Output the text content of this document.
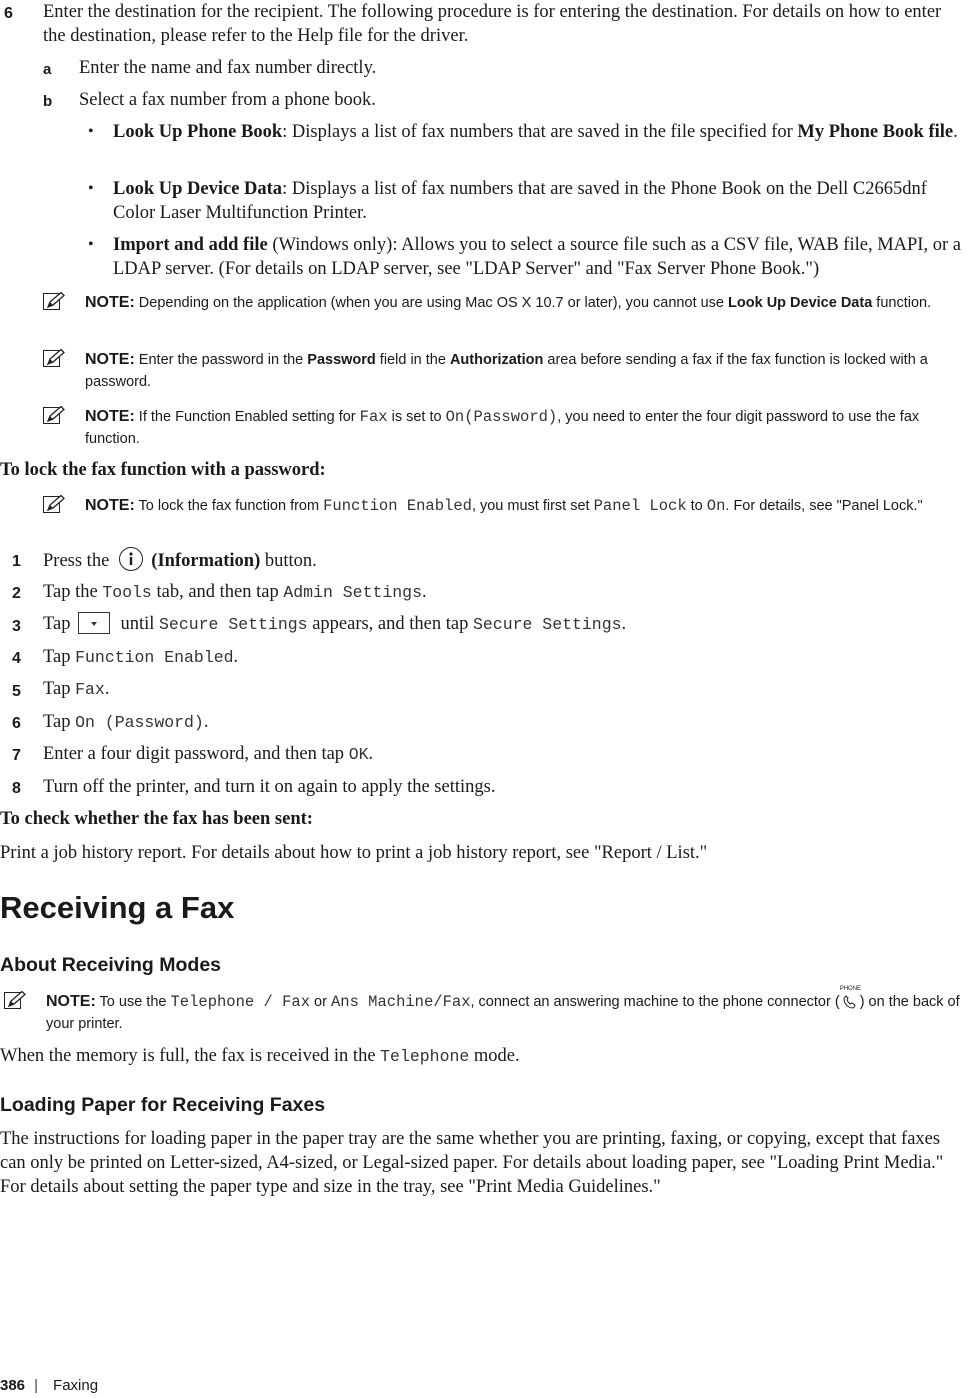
6 Enter the destination for the recipient. The following procedure is for entering the destination. For details on how to enter the destination, please refer to the Help file for the driver.
a Enter the name and fax number directly.
b Select a fax number from a phone book.
• Look Up Phone Book: Displays a list of fax numbers that are saved in the file specified for My Phone Book file.
• Look Up Device Data: Displays a list of fax numbers that are saved in the Phone Book on the Dell C2665dnf Color Laser Multifunction Printer.
• Import and add file (Windows only): Allows you to select a source file such as a CSV file, WAB file, MAPI, or a LDAP server. (For details on LDAP server, see "LDAP Server" and "Fax Server Phone Book.")
NOTE: Depending on the application (when you are using Mac OS X 10.7 or later), you cannot use Look Up Device Data function.
NOTE: Enter the password in the Password field in the Authorization area before sending a fax if the fax function is locked with a password.
NOTE: If the Function Enabled setting for Fax is set to On(Password), you need to enter the four digit password to use the fax function.
To lock the fax function with a password:
NOTE: To lock the fax function from Function Enabled, you must first set Panel Lock to On. For details, see "Panel Lock."
1 Press the (Information) button.
2 Tap the Tools tab, and then tap Admin Settings.
3 Tap	until Secure Settings appears, and then tap Secure Settings.
4 Tap Function Enabled.
5 Tap Fax.
6 Tap On (Password).
7 Enter a four digit password, and then tap OK.
8 Turn off the printer, and turn it on again to apply the settings.
To check whether the fax has been sent:
Print a job history report. For details about how to print a job history report, see "Report / List."
Receiving a Fax
About Receiving Modes
NOTE: To use the Telephone / Fax or Ans Machine/Fax, connect an answering machine to the phone connector (
PHONE
) on the back of your printer.
When the memory is full, the fax is received in the Telephone mode.
Loading Paper for Receiving Faxes
The instructions for loading paper in the paper tray are the same whether you are printing, faxing, or copying, except that faxes can only be printed on Letter-sized, A4-sized, or Legal-sized paper. For details about loading paper, see "Loading Print Media." For details about setting the paper type and size in the tray, see "Print Media Guidelines."
386 | Faxing
